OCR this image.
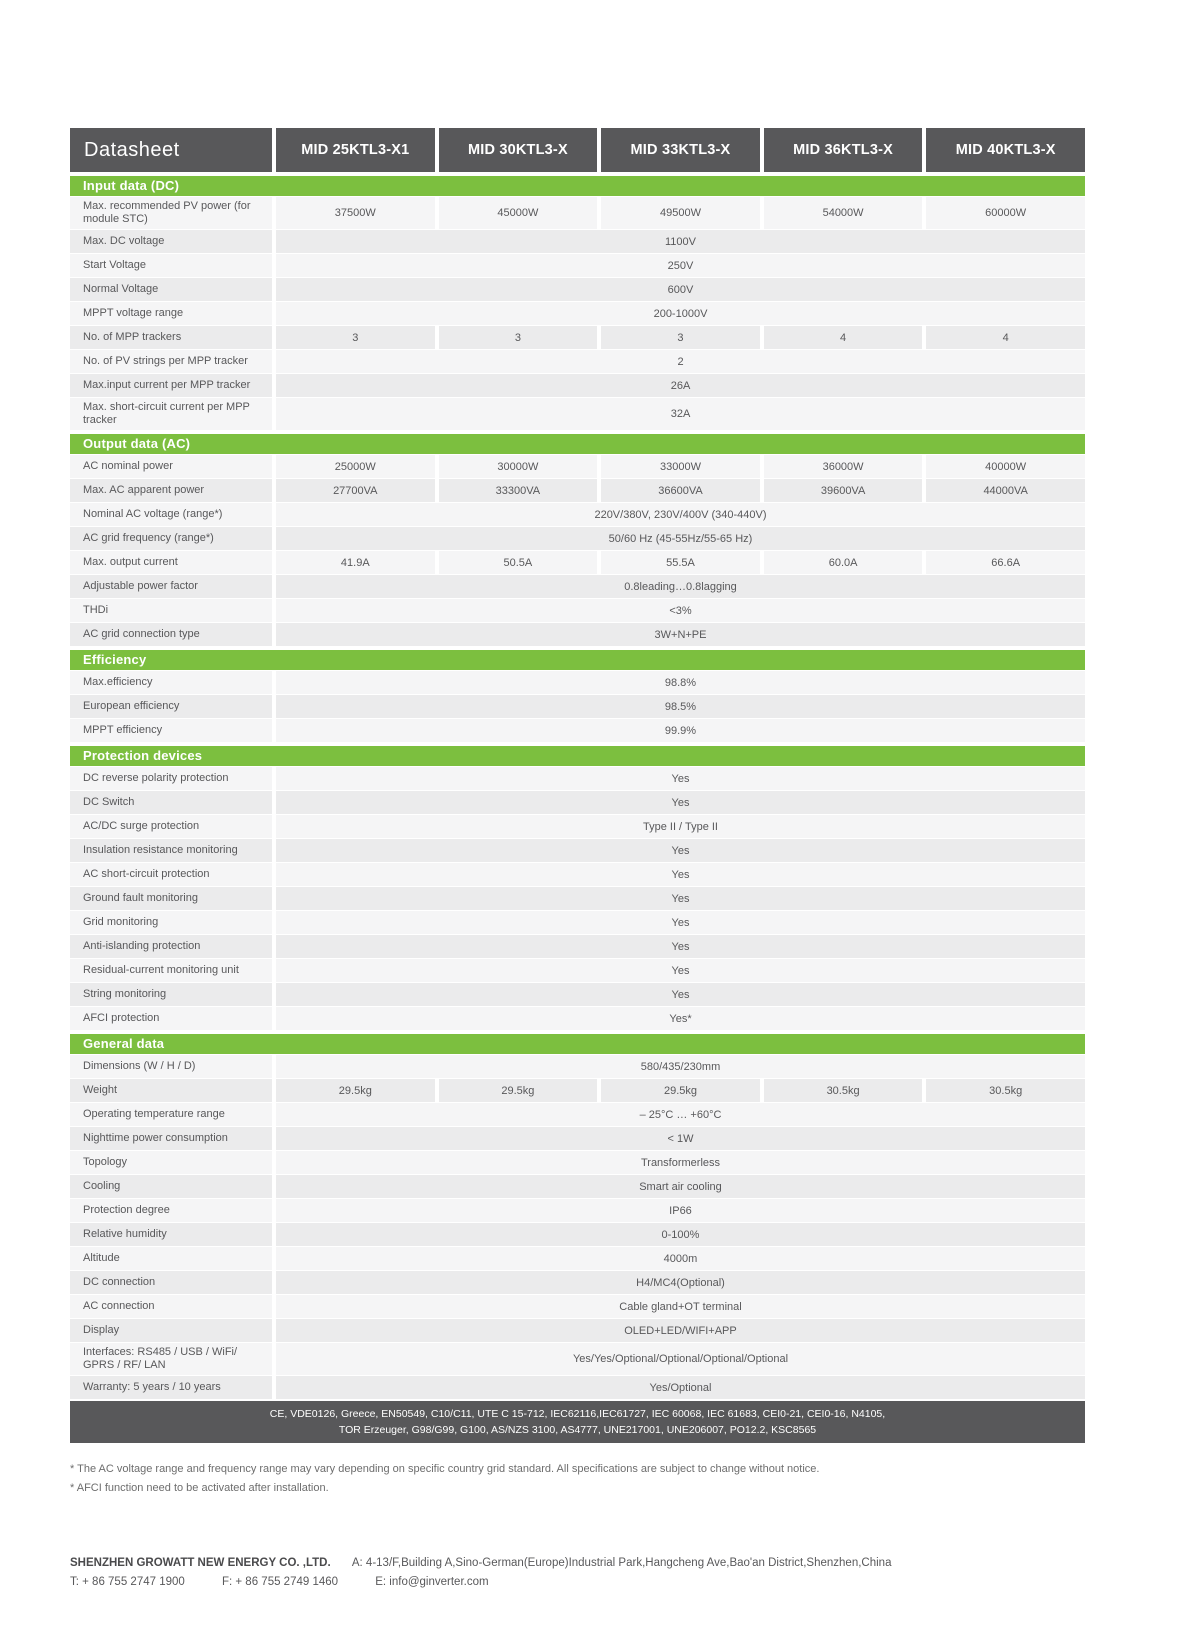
Datasheet	MID 25KTL3-X1	MID 30KTL3-X	MID 33KTL3-X	MID 36KTL3-X	MID 40KTL3-X
Input data (DC)
Max. recommended PV power (for module STC)	37500W	45000W	49500W	54000W	60000W
Max. DC voltage	1100V
Start Voltage	250V
Normal Voltage	600V
MPPT voltage range	200-1000V
No. of MPP trackers	3	3	3	4	4
No. of PV strings per MPP tracker	2
Max.input current per MPP tracker	26A
Max. short-circuit current per MPP tracker	32A
Output data (AC)
AC nominal power	25000W	30000W	33000W	36000W	40000W
Max. AC apparent power	27700VA	33300VA	36600VA	39600VA	44000VA
Nominal AC voltage (range*)	220V/380V, 230V/400V (340-440V)
AC grid frequency (range*)	50/60 Hz (45-55Hz/55-65 Hz)
Max. output current	41.9A	50.5A	55.5A	60.0A	66.6A
Adjustable power factor	0.8leading…0.8lagging
THDi	<3%
AC grid connection type	3W+N+PE
Efficiency
Max.efficiency	98.8%
European efficiency	98.5%
MPPT efficiency	99.9%
Protection devices
DC reverse polarity protection	Yes
DC Switch	Yes
AC/DC surge protection	Type II / Type II
Insulation resistance monitoring	Yes
AC short-circuit protection	Yes
Ground fault monitoring	Yes
Grid monitoring	Yes
Anti-islanding protection	Yes
Residual-current monitoring unit	Yes
String monitoring	Yes
AFCI protection	Yes*
General data
Dimensions (W / H / D)	580/435/230mm
Weight	29.5kg	29.5kg	29.5kg	30.5kg	30.5kg
Operating temperature range	– 25°C … +60°C
Nighttime power consumption	< 1W
Topology	Transformerless
Cooling	Smart air cooling
Protection degree	IP66
Relative humidity	0-100%
Altitude	4000m
DC connection	H4/MC4(Optional)
AC connection	Cable gland+OT terminal
Display	OLED+LED/WIFI+APP
Interfaces: RS485 / USB / WiFi/ GPRS / RF/ LAN	Yes/Yes/Optional/Optional/Optional/Optional
Warranty: 5 years / 10 years	Yes/Optional
CE, VDE0126, Greece, EN50549, C10/C11, UTE C 15-712, IEC62116,IEC61727, IEC 60068, IEC 61683, CEI0-21, CEI0-16, N4105,
TOR Erzeuger, G98/G99, G100, AS/NZS 3100, AS4777, UNE217001, UNE206007, PO12.2, KSC8565
* The AC voltage range and frequency range may vary depending on specific country grid standard. All specifications are subject to change without notice.
* AFCI function need to be activated after installation.
SHENZHEN GROWATT NEW ENERGY CO. ,LTD. A: 4-13/F,Building A,Sino-German(Europe)Industrial Park,Hangcheng Ave,Bao'an District,Shenzhen,China
T: + 86 755 2747 1900	F: + 86 755 2749 1460	E: info@ginverter.com
